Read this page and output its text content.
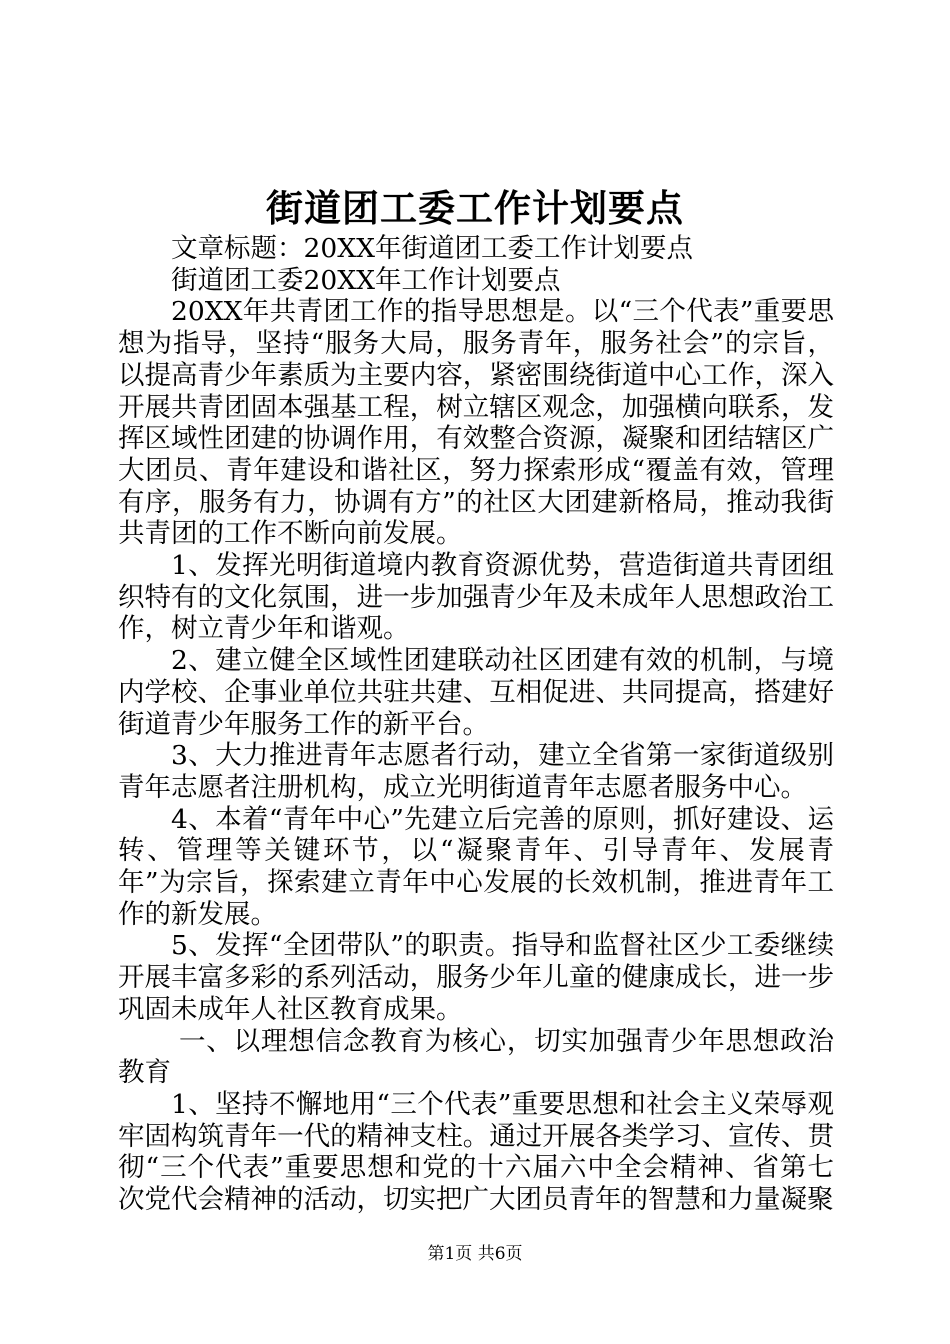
街道团工委工作计划要点

文章标题：20XX年街道团工委工作计划要点

街道团工委20XX年工作计划要点

20XX年共青团工作的指导思想是。以“三个代表”重要思想为指导，坚持“服务大局，服务青年，服务社会”的宗旨，以提高青少年素质为主要内容，紧密围绕街道中心工作，深入开展共青团固本强基工程，树立辖区观念，加强横向联系，发挥区域性团建的协调作用，有效整合资源，凝聚和团结辖区广大团员、青年建设和谐社区，努力探索形成“覆盖有效，管理有序，服务有力，协调有方”的社区大团建新格局，推动我街共青团的工作不断向前发展。

1、发挥光明街道境内教育资源优势，营造街道共青团组织特有的文化氛围，进一步加强青少年及未成年人思想政治工作，树立青少年和谐观。

2、建立健全区域性团建联动社区团建有效的机制，与境内学校、企事业单位共驻共建、互相促进、共同提高，搭建好街道青少年服务工作的新平台。

3、大力推进青年志愿者行动，建立全省第一家街道级别青年志愿者注册机构，成立光明街道青年志愿者服务中心。

4、本着“青年中心”先建立后完善的原则，抓好建设、运转、管理等关键环节，以“凝聚青年、引导青年、发展青年”为宗旨，探索建立青年中心发展的长效机制，推进青年工作的新发展。

5、发挥“全团带队”的职责。指导和监督社区少工委继续开展丰富多彩的系列活动，服务少年儿童的健康成长，进一步巩固未成年人社区教育成果。

一、以理想信念教育为核心，切实加强青少年思想政治教育

1、坚持不懈地用“三个代表”重要思想和社会主义荣辱观牢固构筑青年一代的精神支柱。通过开展各类学习、宣传、贯彻“三个代表”重要思想和党的十六届六中全会精神、省第七次党代会精神的活动，切实把广大团员青年的智慧和力量凝聚

第1页 共6页
